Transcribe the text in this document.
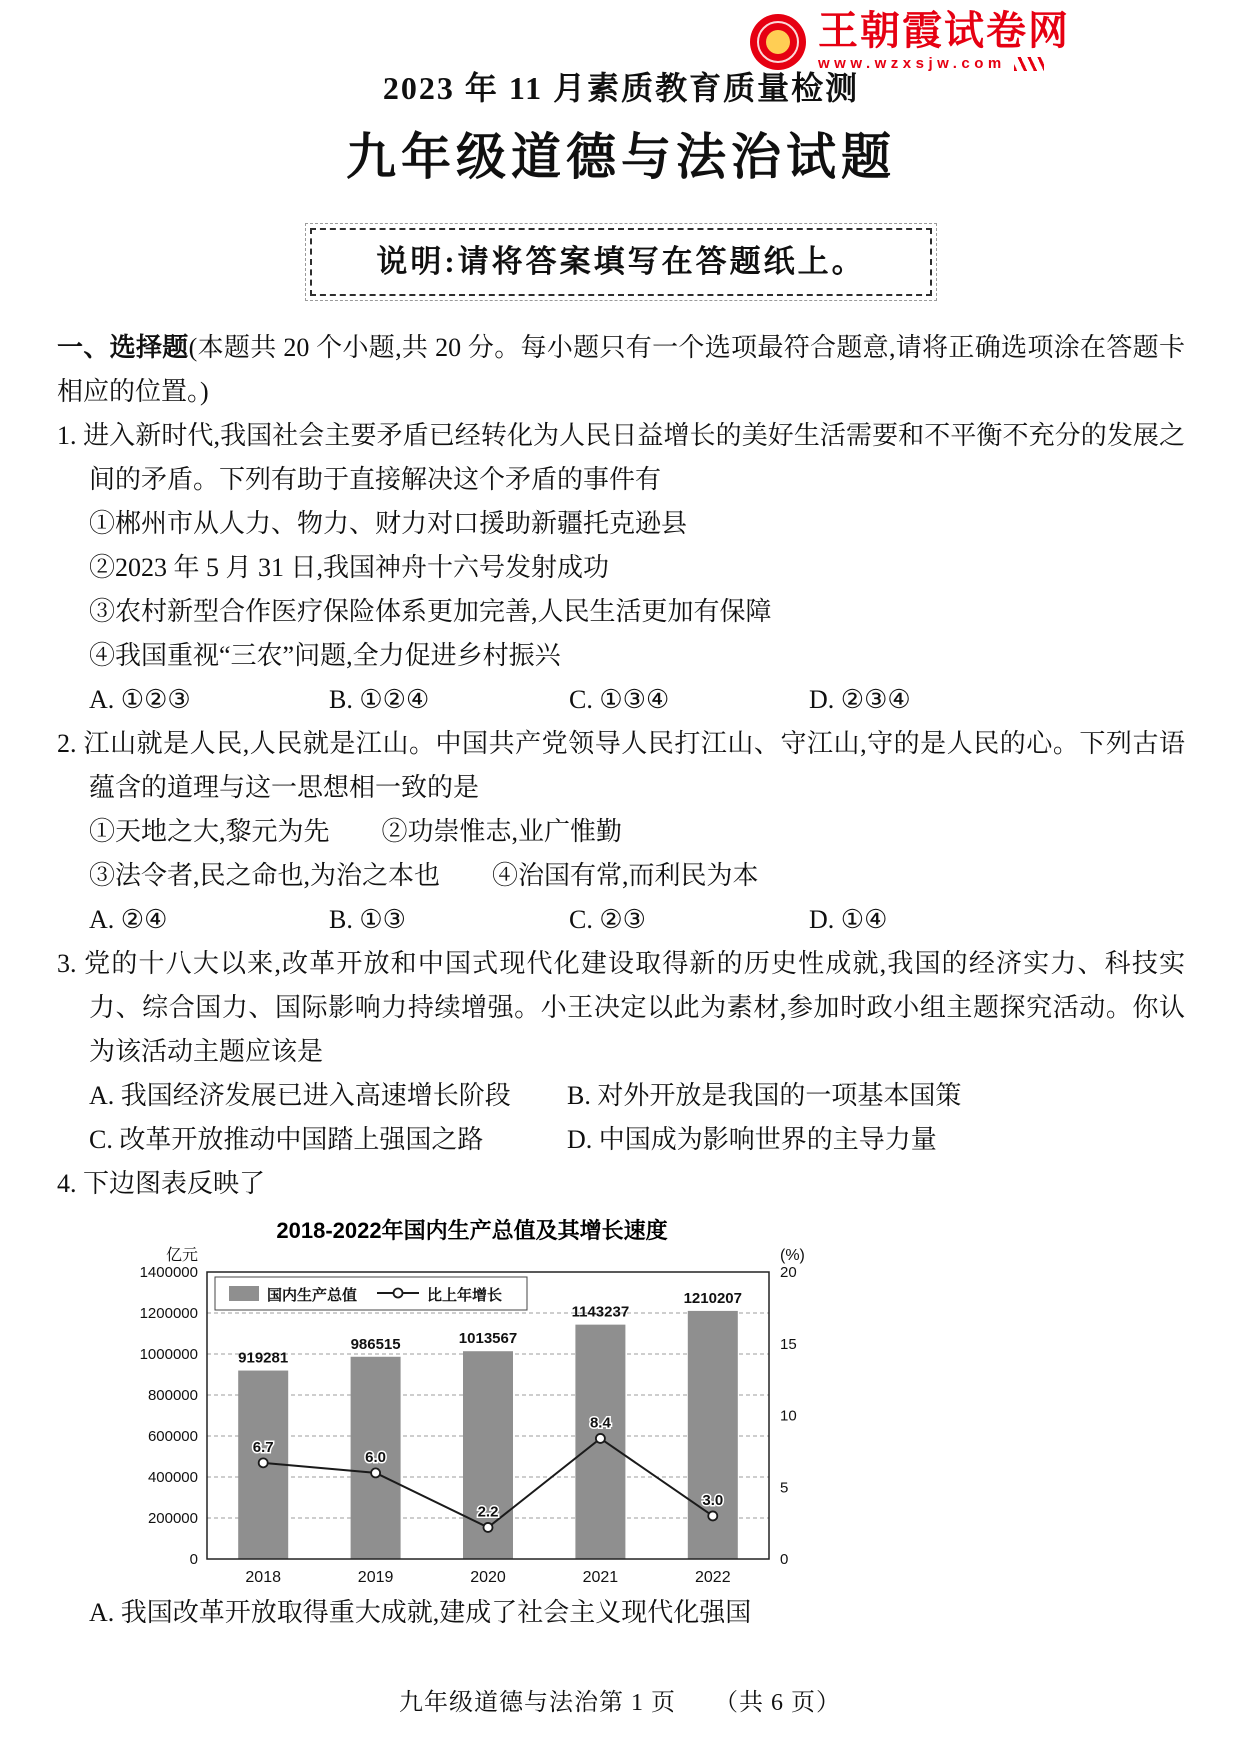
王朝霞试卷网
www.wzxsjw.com
2023 年 11 月素质教育质量检测
九年级道德与法治试题
说明:请将答案填写在答题纸上。

一、选择题(本题共 20 个小题,共 20 分。每小题只有一个选项最符合题意,请将正确选项涂在答题卡相应的位置。)

1. 进入新时代,我国社会主要矛盾已经转化为人民日益增长的美好生活需要和不平衡不充分的发展之间的矛盾。下列有助于直接解决这个矛盾的事件有

①郴州市从人力、物力、财力对口援助新疆托克逊县

②2023 年 5 月 31 日,我国神舟十六号发射成功

③农村新型合作医疗保险体系更加完善,人民生活更加有保障

④我国重视“三农”问题,全力促进乡村振兴

A. ①②③	B. ①②④	C. ①③④	D. ②③④

2. 江山就是人民,人民就是江山。中国共产党领导人民打江山、守江山,守的是人民的心。下列古语蕴含的道理与这一思想相一致的是

①天地之大,黎元为先　　②功崇惟志,业广惟勤

③法令者,民之命也,为治之本也　　④治国有常,而利民为本

A. ②④	B. ①③	C. ②③	D. ①④

3. 党的十八大以来,改革开放和中国式现代化建设取得新的历史性成就,我国的经济实力、科技实力、综合国力、国际影响力持续增强。小王决定以此为素材,参加时政小组主题探究活动。你认为该活动主题应该是

A. 我国经济发展已进入高速增长阶段	B. 对外开放是我国的一项基本国策
C. 改革开放推动中国踏上强国之路	D. 中国成为影响世界的主导力量

4. 下边图表反映了

2018-2022年国内生产总值及其增长速度
0
200000
400000
600000
800000
1000000
1200000
1400000
0
5
10
15
20
亿元	(%)
919281
6.7
2018
986515
6.0
2019
1013567
2.2
2020
1143237
8.4
2021
1210207
3.0
2022
国内生产总值	比上年增长
A. 我国改革开放取得重大成就,建成了社会主义现代化强国
九年级道德与法治第 1 页　　（共 6 页）
